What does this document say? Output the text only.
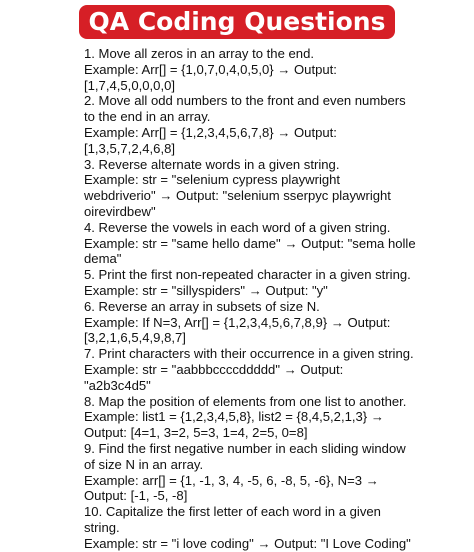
QA Coding Questions
1. Move all zeros in an array to the end.
Example: Arr[] = {1,0,7,0,4,0,5,0} → Output:
[1,7,4,5,0,0,0,0]
2. Move all odd numbers to the front and even numbers
to the end in an array.
Example: Arr[] = {1,2,3,4,5,6,7,8} → Output:
[1,3,5,7,2,4,6,8]
3. Reverse alternate words in a given string.
Example: str = "selenium cypress playwright
webdriverio" → Output: "selenium sserpyc playwright
oirevirdbew"
4. Reverse the vowels in each word of a given string.
Example: str = "same hello dame" → Output: "sema holle
dema"
5. Print the first non-repeated character in a given string.
Example: str = "sillyspiders" → Output: "y"
6. Reverse an array in subsets of size N.
Example: If N=3, Arr[] = {1,2,3,4,5,6,7,8,9} → Output:
[3,2,1,6,5,4,9,8,7]
7. Print characters with their occurrence in a given string.
Example: str = "aabbbccccddddd" → Output:
"a2b3c4d5"
8. Map the position of elements from one list to another.
Example: list1 = {1,2,3,4,5,8}, list2 = {8,4,5,2,1,3} →
Output: [4=1, 3=2, 5=3, 1=4, 2=5, 0=8]
9. Find the first negative number in each sliding window
of size N in an array.
Example: arr[] = {1, -1, 3, 4, -5, 6, -8, 5, -6}, N=3 →
Output: [-1, -5, -8]
10. Capitalize the first letter of each word in a given
string.
Example: str = "i love coding" → Output: "I Love Coding"
